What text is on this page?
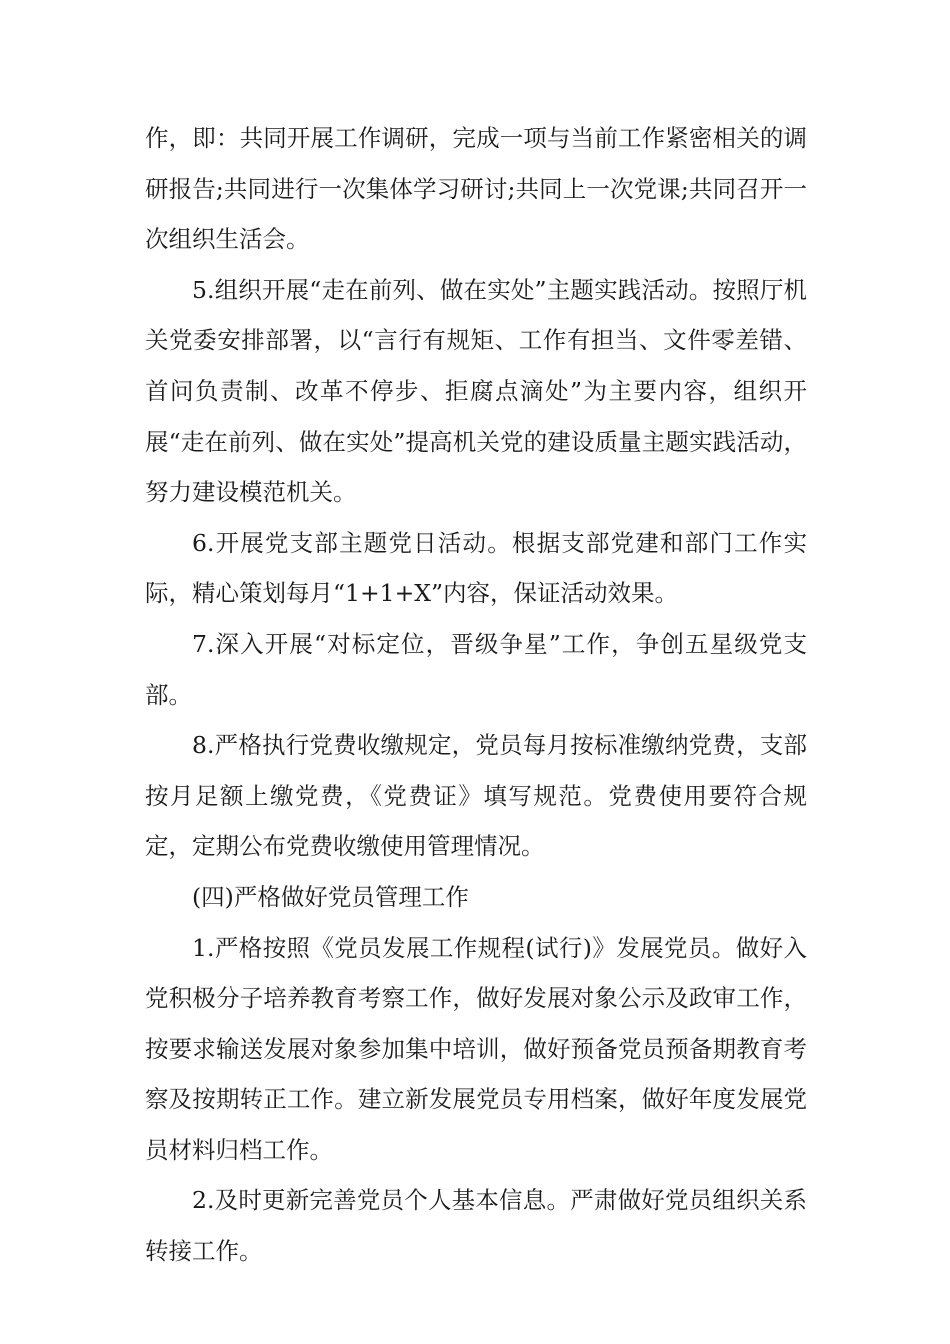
作，即：共同开展工作调研，完成一项与当前工作紧密相关的调研报告;共同进行一次集体学习研讨;共同上一次党课;共同召开一次组织生活会。

5.组织开展“走在前列、做在实处”主题实践活动。按照厅机关党委安排部署，以“言行有规矩、工作有担当、文件零差错、首问负责制、改革不停步、拒腐点滴处”为主要内容，组织开展“走在前列、做在实处”提高机关党的建设质量主题实践活动，努力建设模范机关。

6.开展党支部主题党日活动。根据支部党建和部门工作实际，精心策划每月“1+1+X”内容，保证活动效果。

7.深入开展“对标定位，晋级争星”工作，争创五星级党支部。

8.严格执行党费收缴规定，党员每月按标准缴纳党费，支部按月足额上缴党费，《党费证》填写规范。党费使用要符合规定，定期公布党费收缴使用管理情况。

(四)严格做好党员管理工作

1.严格按照《党员发展工作规程(试行)》发展党员。做好入党积极分子培养教育考察工作，做好发展对象公示及政审工作，按要求输送发展对象参加集中培训，做好预备党员预备期教育考察及按期转正工作。建立新发展党员专用档案，做好年度发展党员材料归档工作。

2.及时更新完善党员个人基本信息。严肃做好党员组织关系转接工作。
